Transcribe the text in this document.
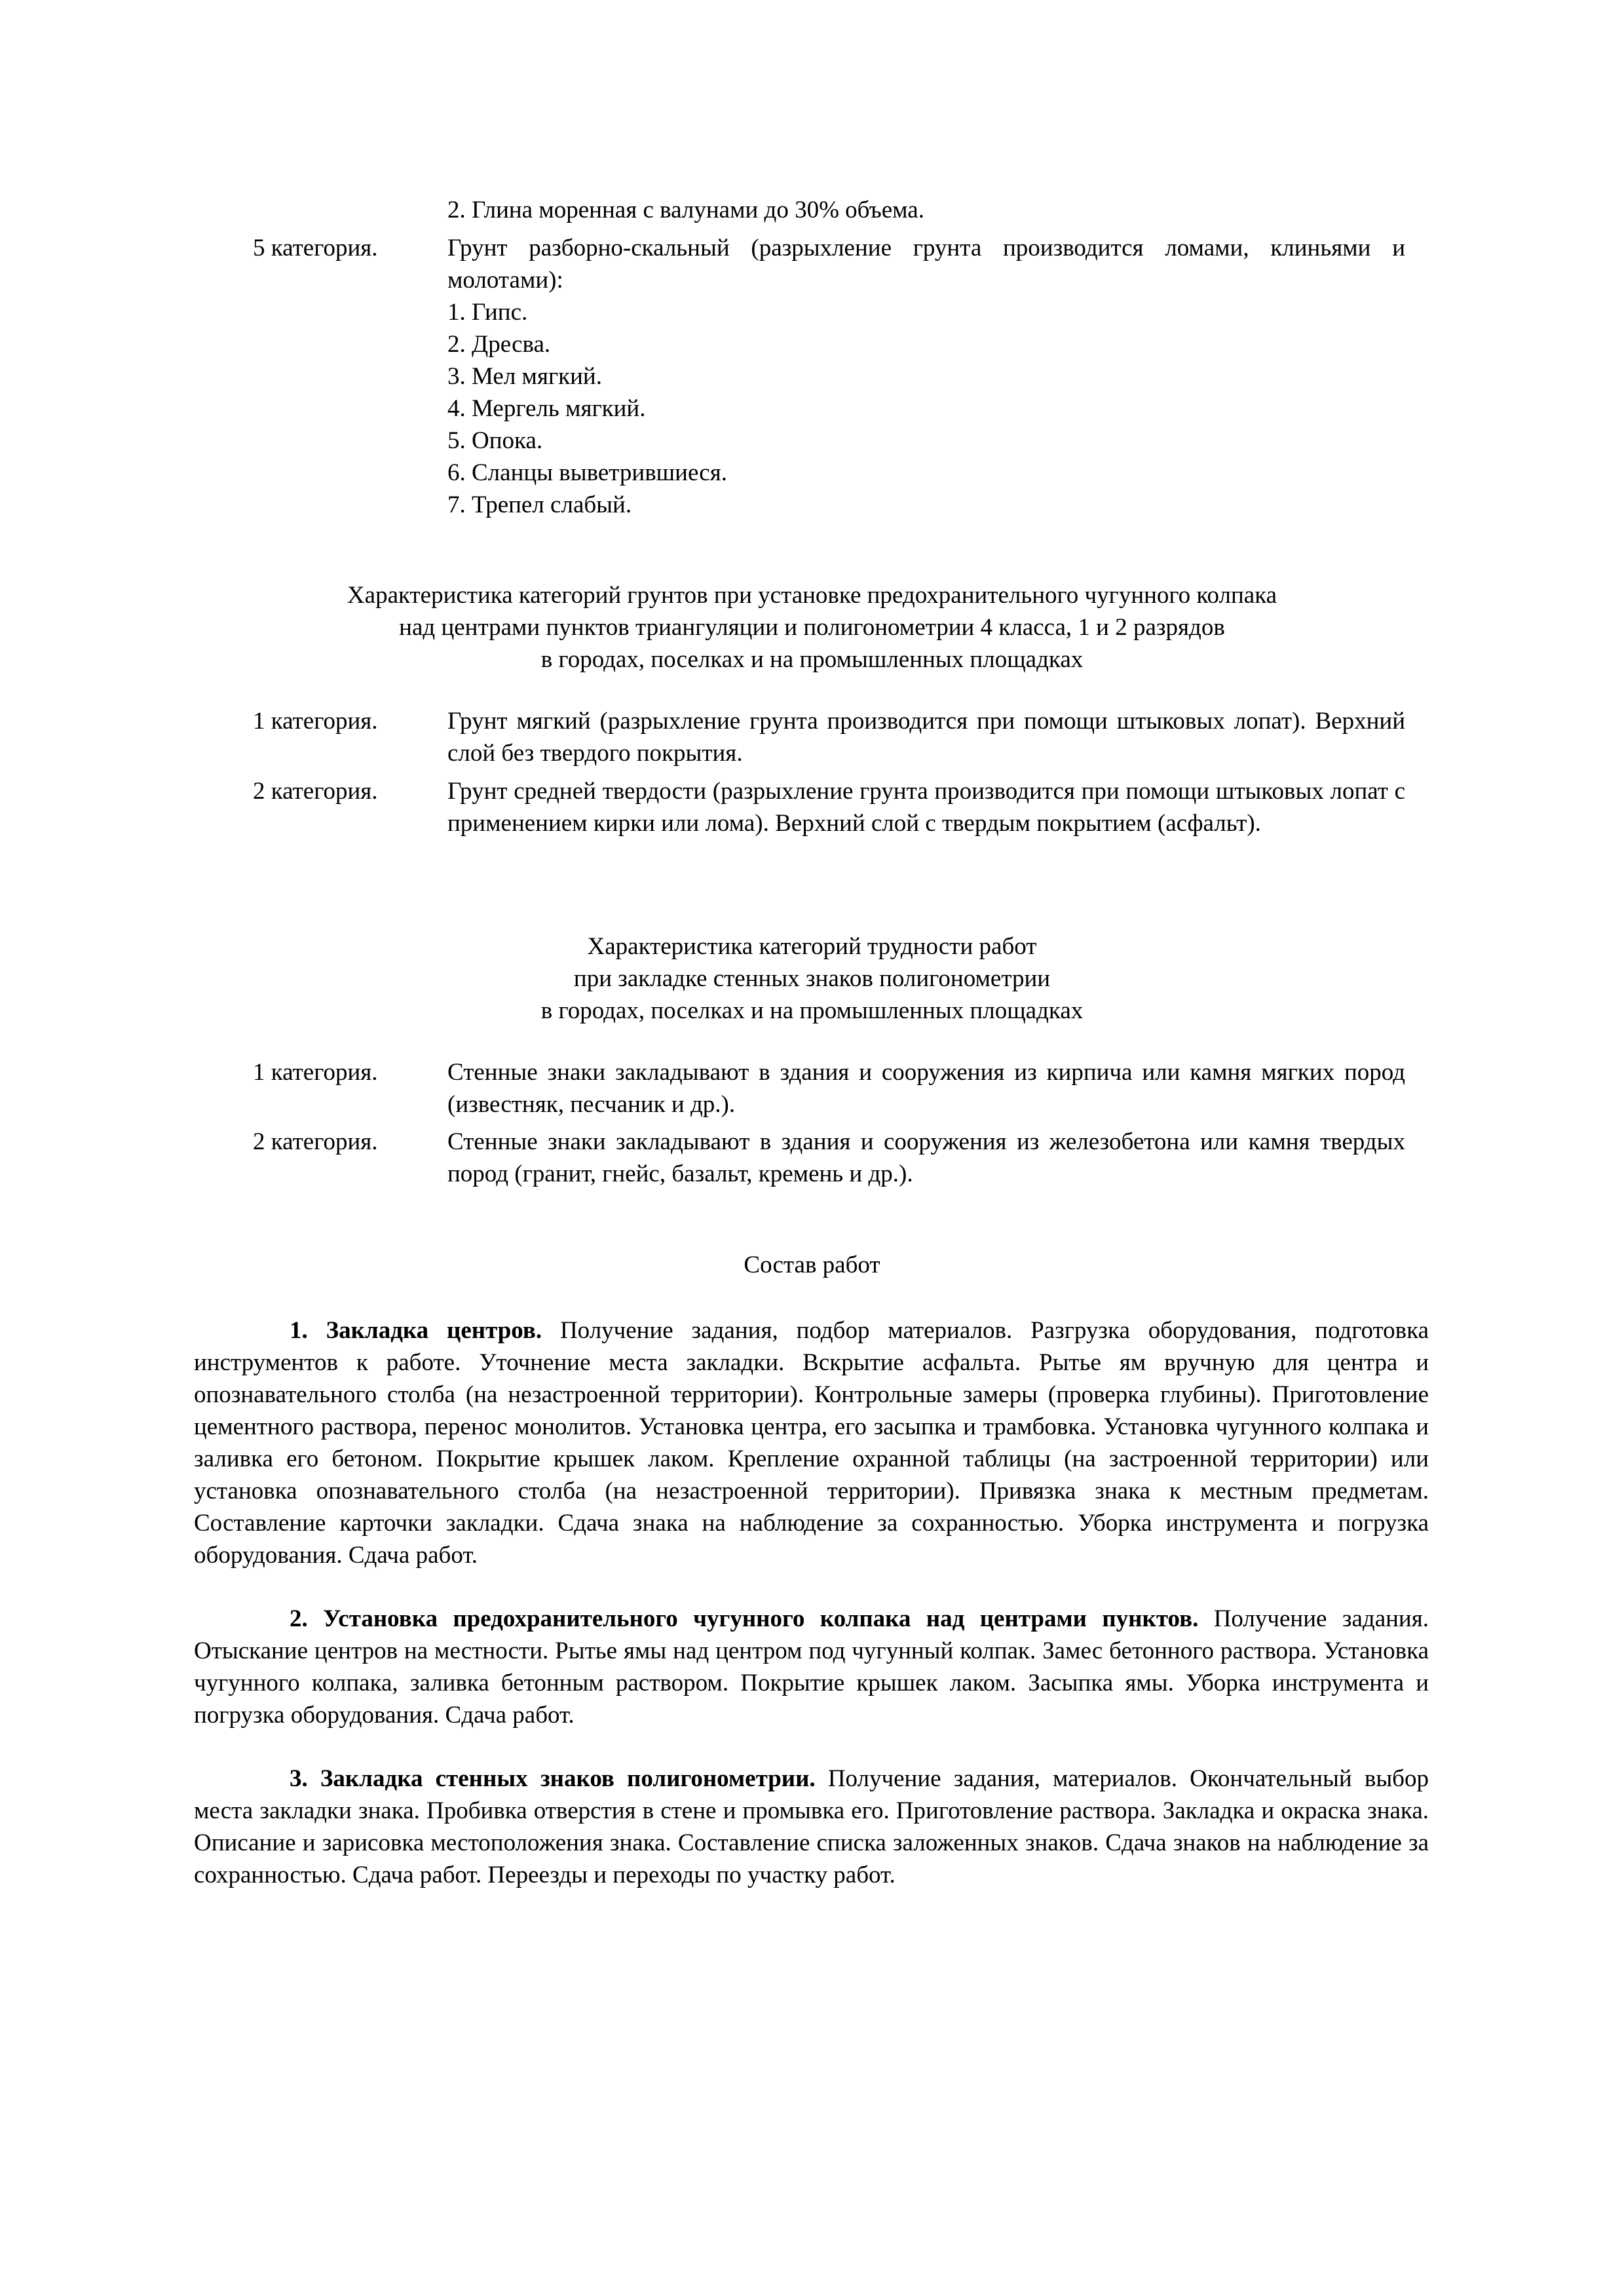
2. Глина моренная с валунами до 30% объема.
5 категория.	Грунт разборно-скальный (разрыхление грунта производится ломами, клиньями и молотами):
1. Гипс.
2. Дресва.
3. Мел мягкий.
4. Мергель мягкий.
5. Опока.
6. Сланцы выветрившиеся.
7. Трепел слабый.
Характеристика категорий грунтов при установке предохранительного чугунного колпака
над центрами пунктов триангуляции и полигонометрии 4 класса, 1 и 2 разрядов
в городах, поселках и на промышленных площадках
1 категория.	Грунт мягкий (разрыхление грунта производится при помощи штыковых лопат). Верхний слой без твердого покрытия.
2 категория.	Грунт средней твердости (разрыхление грунта производится при помощи штыковых лопат с применением кирки или лома). Верхний слой с твердым покрытием (асфальт).
Характеристика категорий трудности работ
при закладке стенных знаков полигонометрии
в городах, поселках и на промышленных площадках
1 категория.	Стенные знаки закладывают в здания и сооружения из кирпича или камня мягких пород (известняк, песчаник и др.).
2 категория.	Стенные знаки закладывают в здания и сооружения из железобетона или камня твердых пород (гранит, гнейс, базальт, кремень и др.).
Состав работ

1. Закладка центров. Получение задания, подбор материалов. Разгрузка оборудования, подготовка инструментов к работе. Уточнение места закладки. Вскрытие асфальта. Рытье ям вручную для центра и опознавательного столба (на незастроенной территории). Контрольные замеры (проверка глубины). Приготовление цементного раствора, перенос монолитов. Установка центра, его засыпка и трамбовка. Установка чугунного колпака и заливка его бетоном. Покрытие крышек лаком. Крепление охранной таблицы (на застроенной территории) или установка опознавательного столба (на незастроенной территории). Привязка знака к местным предметам. Составление карточки закладки. Сдача знака на наблюдение за сохранностью. Уборка инструмента и погрузка оборудования. Сдача работ.

2. Установка предохранительного чугунного колпака над центрами пунктов. Получение задания. Отыскание центров на местности. Рытье ямы над центром под чугунный колпак. Замес бетонного раствора. Установка чугунного колпака, заливка бетонным раствором. Покрытие крышек лаком. Засыпка ямы. Уборка инструмента и погрузка оборудования. Сдача работ.

3. Закладка стенных знаков полигонометрии. Получение задания, материалов. Окончательный выбор места закладки знака. Пробивка отверстия в стене и промывка его. Приготовление раствора. Закладка и окраска знака. Описание и зарисовка местоположения знака. Составление списка заложенных знаков. Сдача знаков на наблюдение за сохранностью. Сдача работ. Переезды и переходы по участку работ.
